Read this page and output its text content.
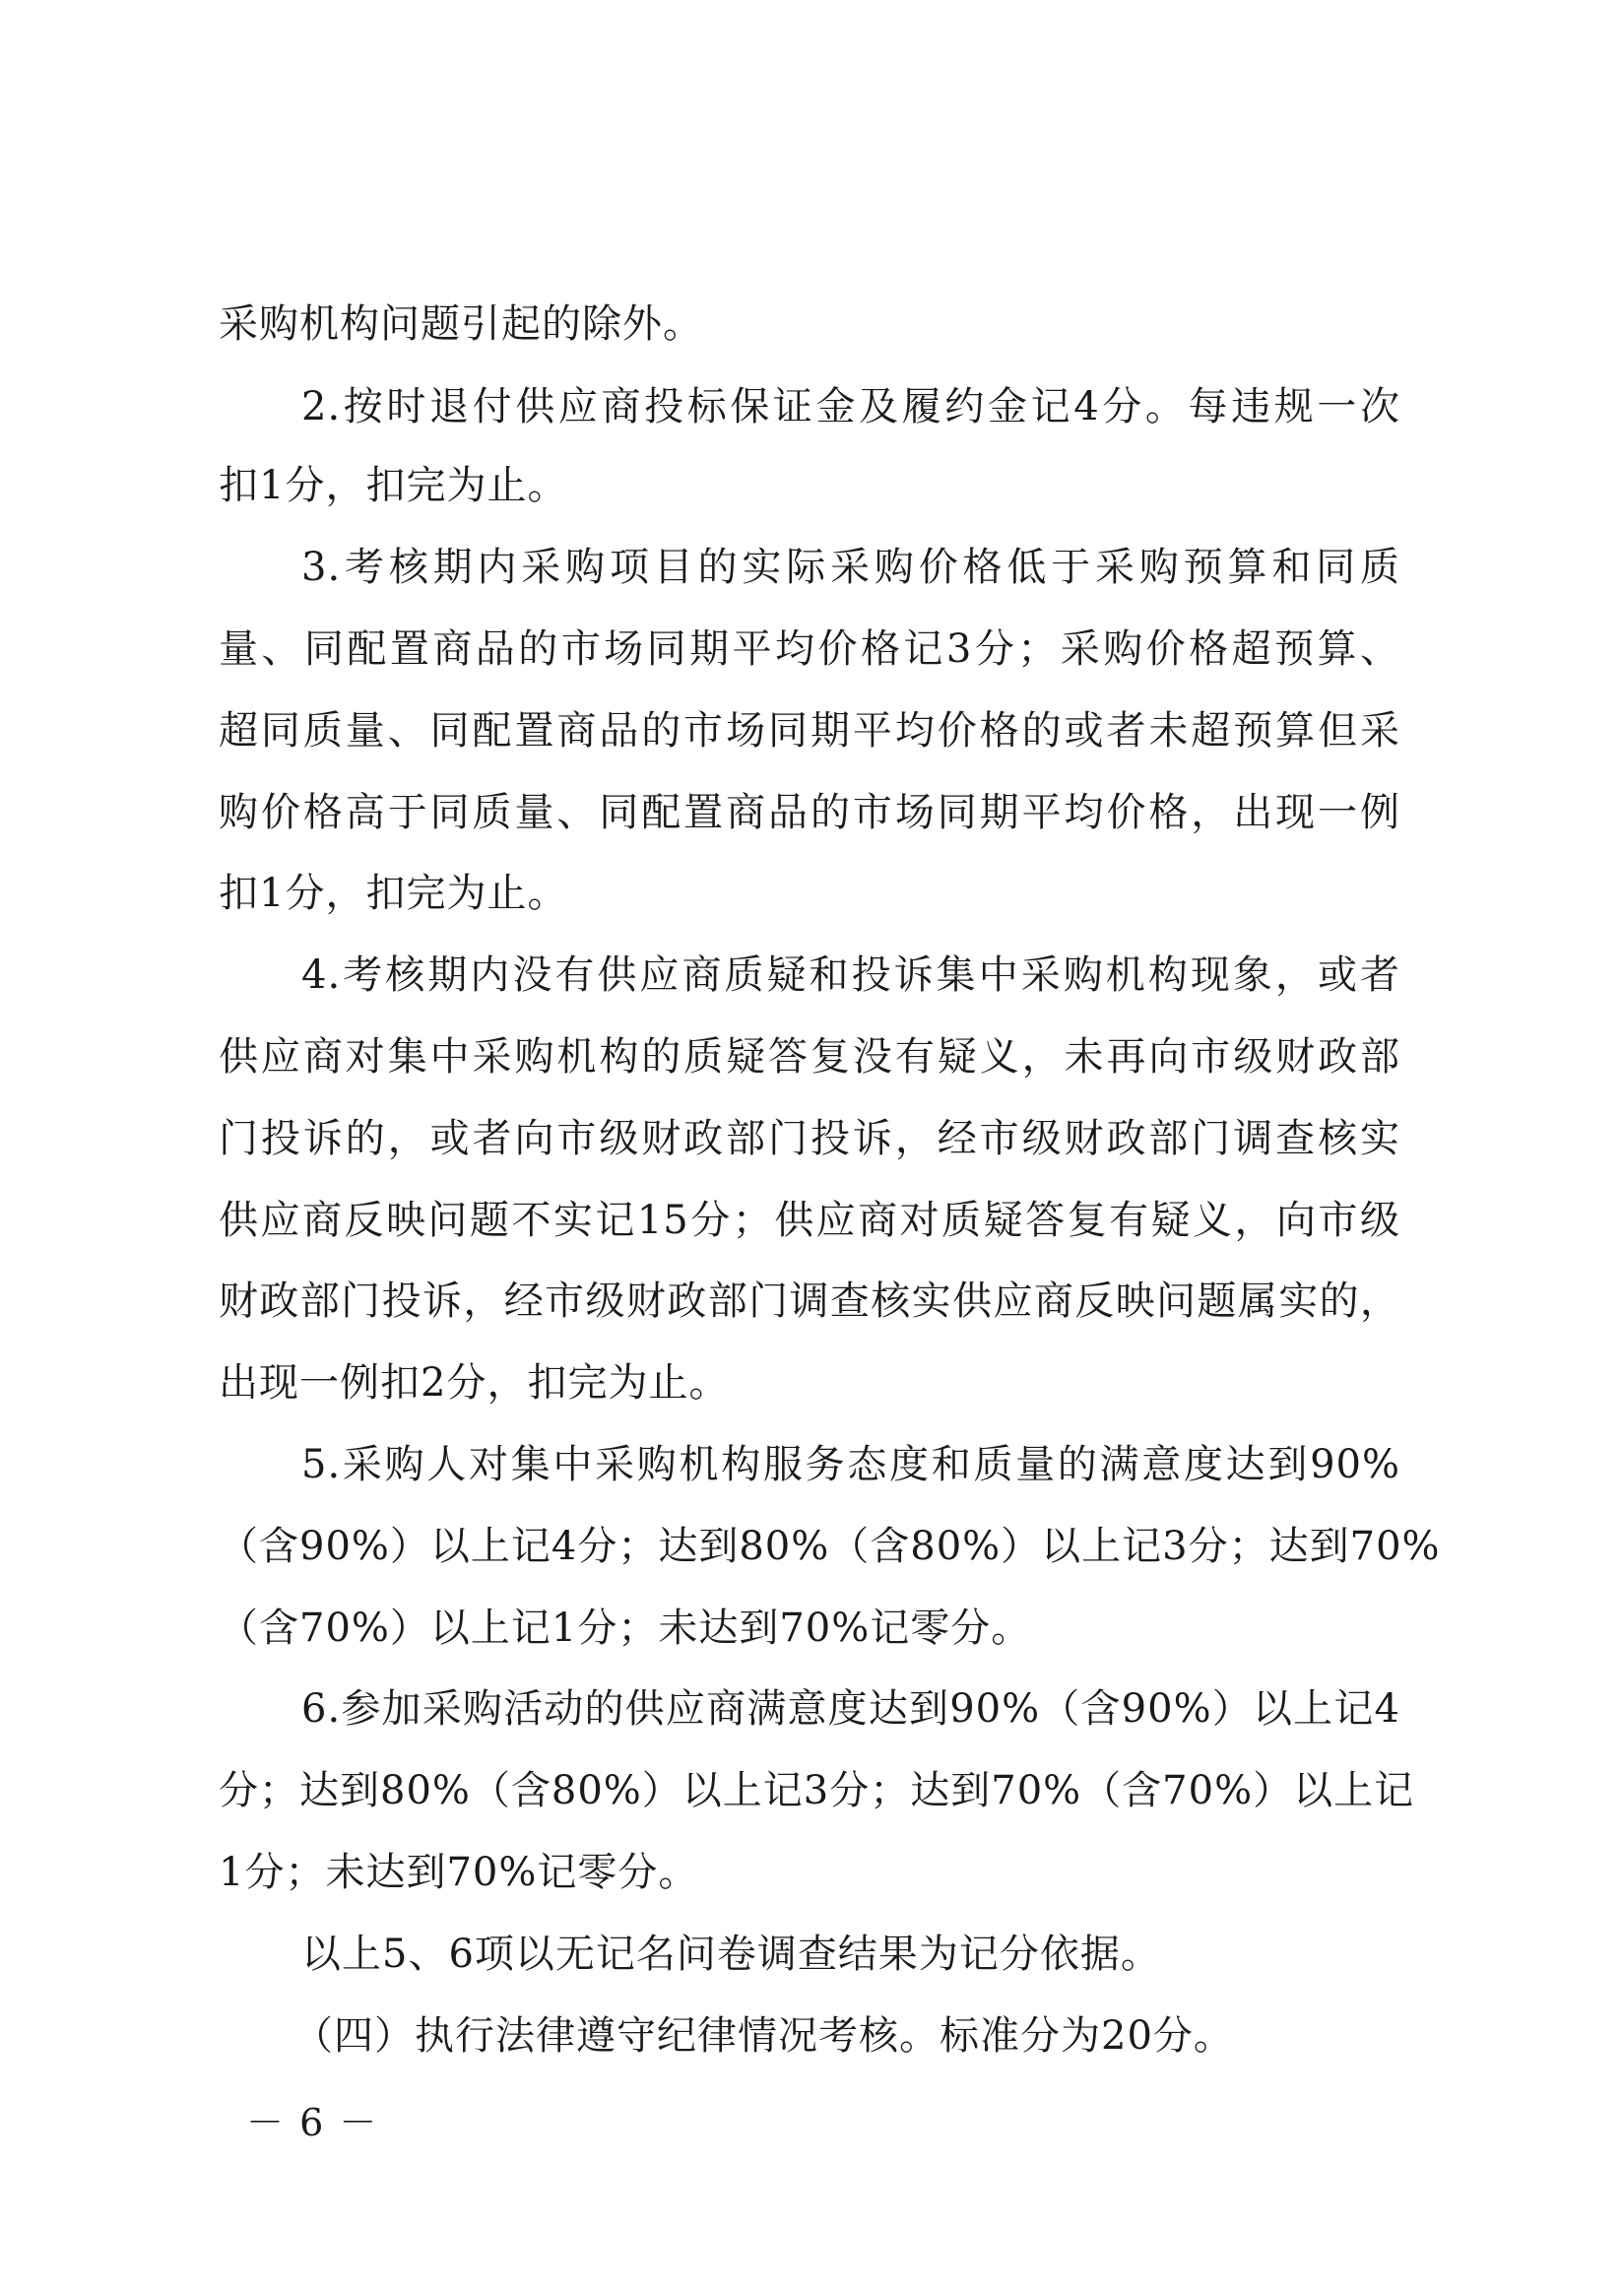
采购机构问题引起的除外。
2.按时退付供应商投标保证金及履约金记4分。每违规一次
扣1分，扣完为止。
3.考核期内采购项目的实际采购价格低于采购预算和同质
量、同配置商品的市场同期平均价格记3分；采购价格超预算、
超同质量、同配置商品的市场同期平均价格的或者未超预算但采
购价格高于同质量、同配置商品的市场同期平均价格，出现一例
扣1分，扣完为止。
4.考核期内没有供应商质疑和投诉集中采购机构现象，或者
供应商对集中采购机构的质疑答复没有疑义，未再向市级财政部
门投诉的，或者向市级财政部门投诉，经市级财政部门调查核实
供应商反映问题不实记15分；供应商对质疑答复有疑义，向市级
财政部门投诉，经市级财政部门调查核实供应商反映问题属实的，
出现一例扣2分，扣完为止。
5.采购人对集中采购机构服务态度和质量的满意度达到90%
（含90%）以上记4分；达到80%（含80%）以上记3分；达到70%
（含70%）以上记1分；未达到70%记零分。
6.参加采购活动的供应商满意度达到90%（含90%）以上记4
分；达到80%（含80%）以上记3分；达到70%（含70%）以上记
1分；未达到70%记零分。
以上5、6项以无记名问卷调查结果为记分依据。
（四）执行法律遵守纪律情况考核。标准分为20分。
－ 6 －
